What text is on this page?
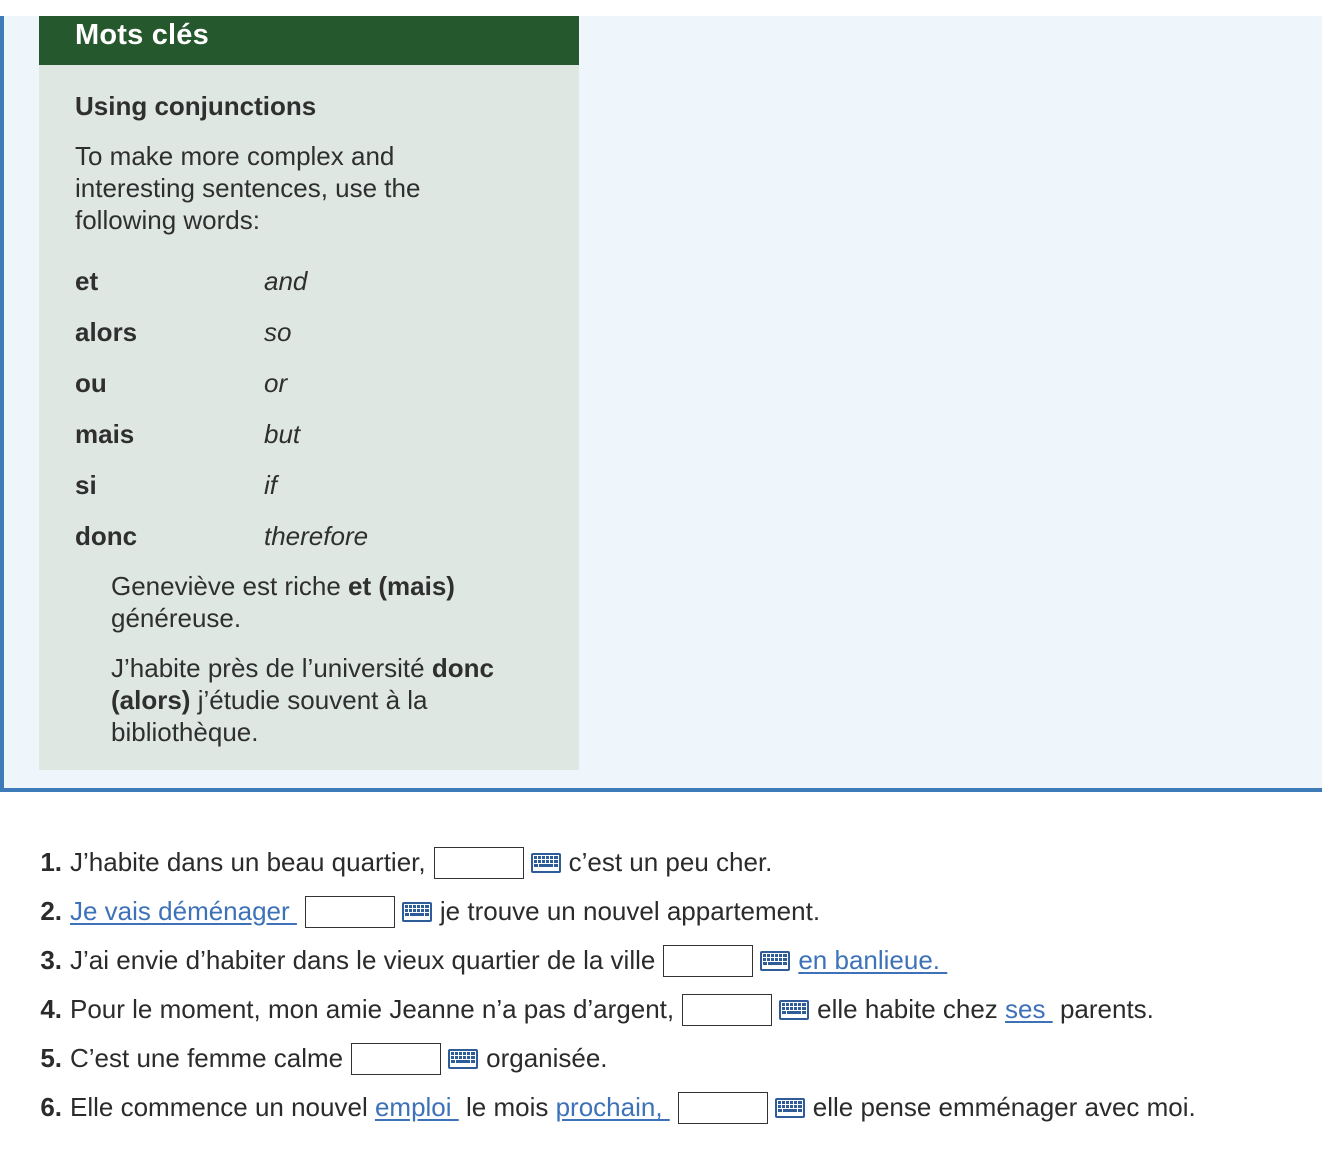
Mots clés
Using conjunctions
To make more complex and interesting sentences, use the following words:
et	and
alors	so
ou	or
mais	but
si	if
donc	therefore
Geneviève est riche et (mais) généreuse.
J’habite près de l’université donc (alors) j’étudie souvent à la bibliothèque.
1. J’habite dans un beau quartier,	c’est un peu cher.
2. Je vais déménager	je trouve un nouvel appartement.
3. J’ai envie d’habiter dans le vieux quartier de la ville	en banlieue.
4. Pour le moment, mon amie Jeanne n’a pas d’argent,	elle habite chez ses parents.
5. C’est une femme calme	organisée.
6. Elle commence un nouvel emploi le mois prochain,	elle pense emménager avec moi.
